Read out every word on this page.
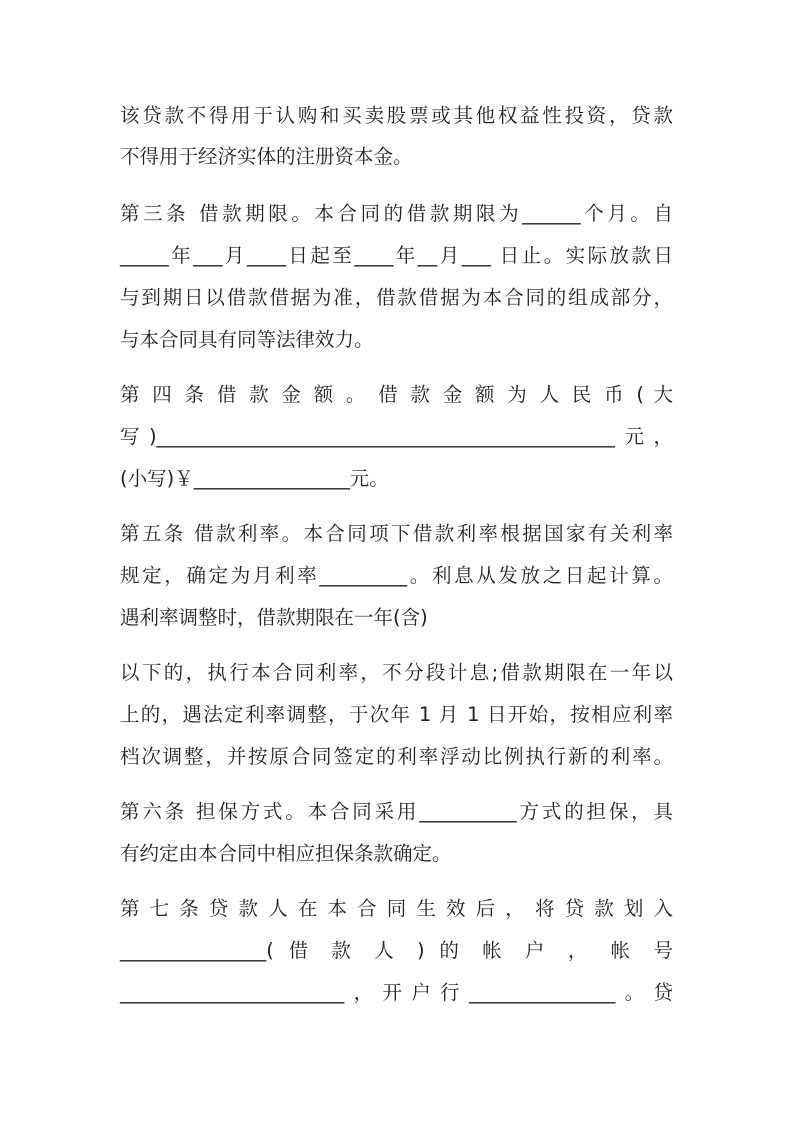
该贷款不得用于认购和买卖股票或其他权益性投资，贷款
不得用于经济实体的注册资本金。
第三条 借款期限。本合同的借款期限为______个月。自
_____年___月____日起至____年__月___ 日止。实际放款日
与到期日以借款借据为准，借款借据为本合同的组成部分，
与本合同具有同等法律效力。
第 四 条 借 款 金 额 。 借 款 金 额 为 人 民 币 ( 大
写)_______________________________________________元，
(小写)￥________________元。
第五条 借款利率。本合同项下借款利率根据国家有关利率
规定，确定为月利率_________。利息从发放之日起计算。
遇利率调整时，借款期限在一年(含)
以下的，执行本合同利率，不分段计息;借款期限在一年以
上的，遇法定利率调整，于次年 1 月 1 日开始，按相应利率
档次调整，并按原合同签定的利率浮动比例执行新的利率。
第六条 担保方式。本合同采用__________方式的担保，具
有约定由本合同中相应担保条款确定。
第 七 条 贷 款 人 在 本 合 同 生 效 后 ， 将 贷 款 划 入
_______________( 借 款 人 ) 的 帐 户 ， 帐 号
_______________________，开户行_______________。贷
